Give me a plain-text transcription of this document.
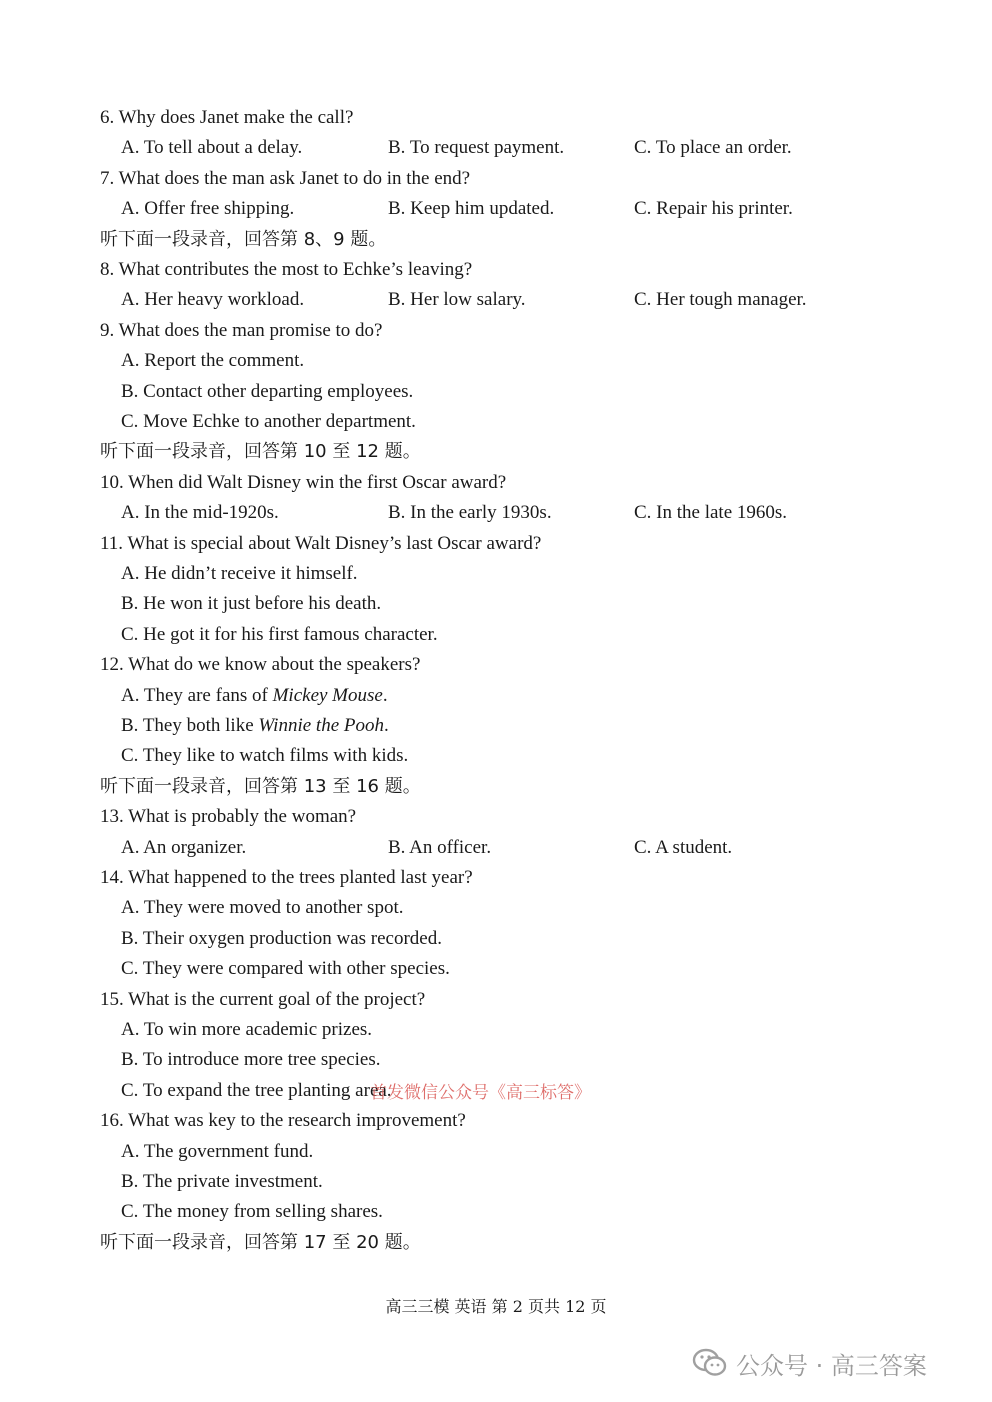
6. Why does Janet make the call?
A. To tell about a delay.	B. To request payment.	C. To place an order.
7. What does the man ask Janet to do in the end?
A. Offer free shipping.	B. Keep him updated.	C. Repair his printer.
听下面一段录音，回答第 8、9 题。
8. What contributes the most to Echke’s leaving?
A. Her heavy workload.	B. Her low salary.	C. Her tough manager.
9. What does the man promise to do?
A. Report the comment.
B. Contact other departing employees.
C. Move Echke to another department.
听下面一段录音，回答第 10 至 12 题。
10. When did Walt Disney win the first Oscar award?
A. In the mid-1920s.	B. In the early 1930s.	C. In the late 1960s.
11. What is special about Walt Disney’s last Oscar award?
A. He didn’t receive it himself.
B. He won it just before his death.
C. He got it for his first famous character.
12. What do we know about the speakers?
A. They are fans of Mickey Mouse.
B. They both like Winnie the Pooh.
C. They like to watch films with kids.
听下面一段录音，回答第 13 至 16 题。
13. What is probably the woman?
A. An organizer.	B. An officer.	C. A student.
14. What happened to the trees planted last year?
A. They were moved to another spot.
B. Their oxygen production was recorded.
C. They were compared with other species.
15. What is the current goal of the project?
A. To win more academic prizes.
B. To introduce more tree species.
C. To expand the tree planting area.
16. What was key to the research improvement?
A. The government fund.
B. The private investment.
C. The money from selling shares.
听下面一段录音，回答第 17 至 20 题。
首发微信公众号《高三标答》
高三三模 英语 第 2 页共 12 页
公众号 · 高三答案
